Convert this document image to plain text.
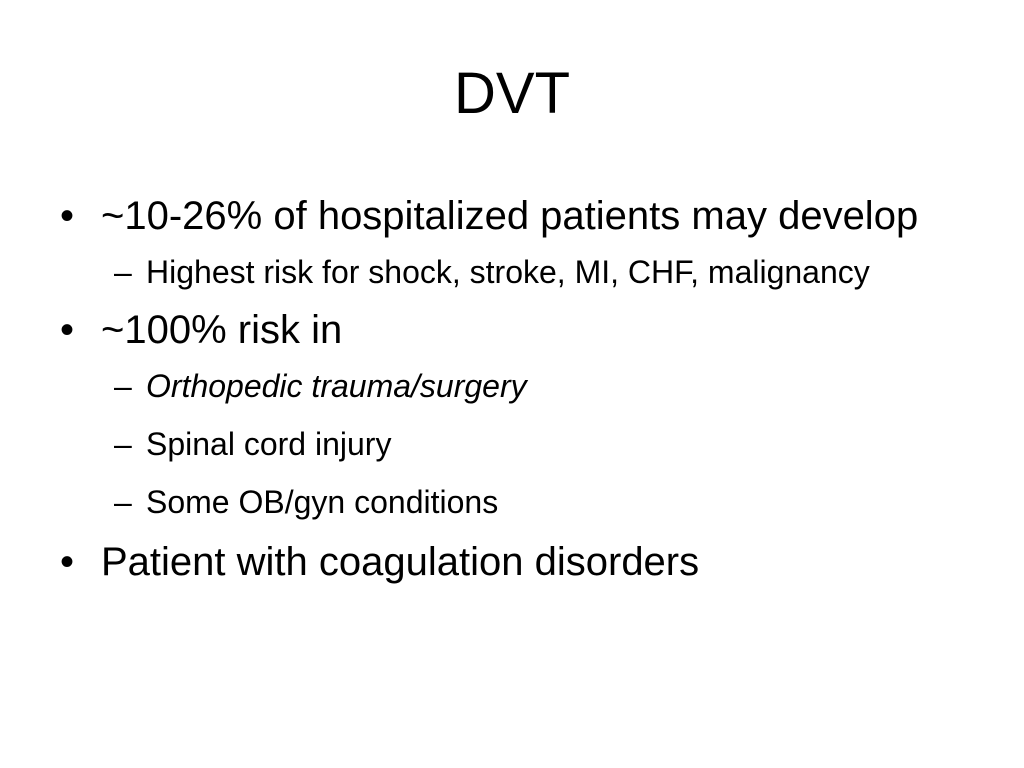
DVT
• ~10-26% of hospitalized patients may develop
– Highest risk for shock, stroke, MI, CHF, malignancy
• ~100% risk in
– Orthopedic trauma/surgery
– Spinal cord injury
– Some OB/gyn conditions
• Patient with coagulation disorders
